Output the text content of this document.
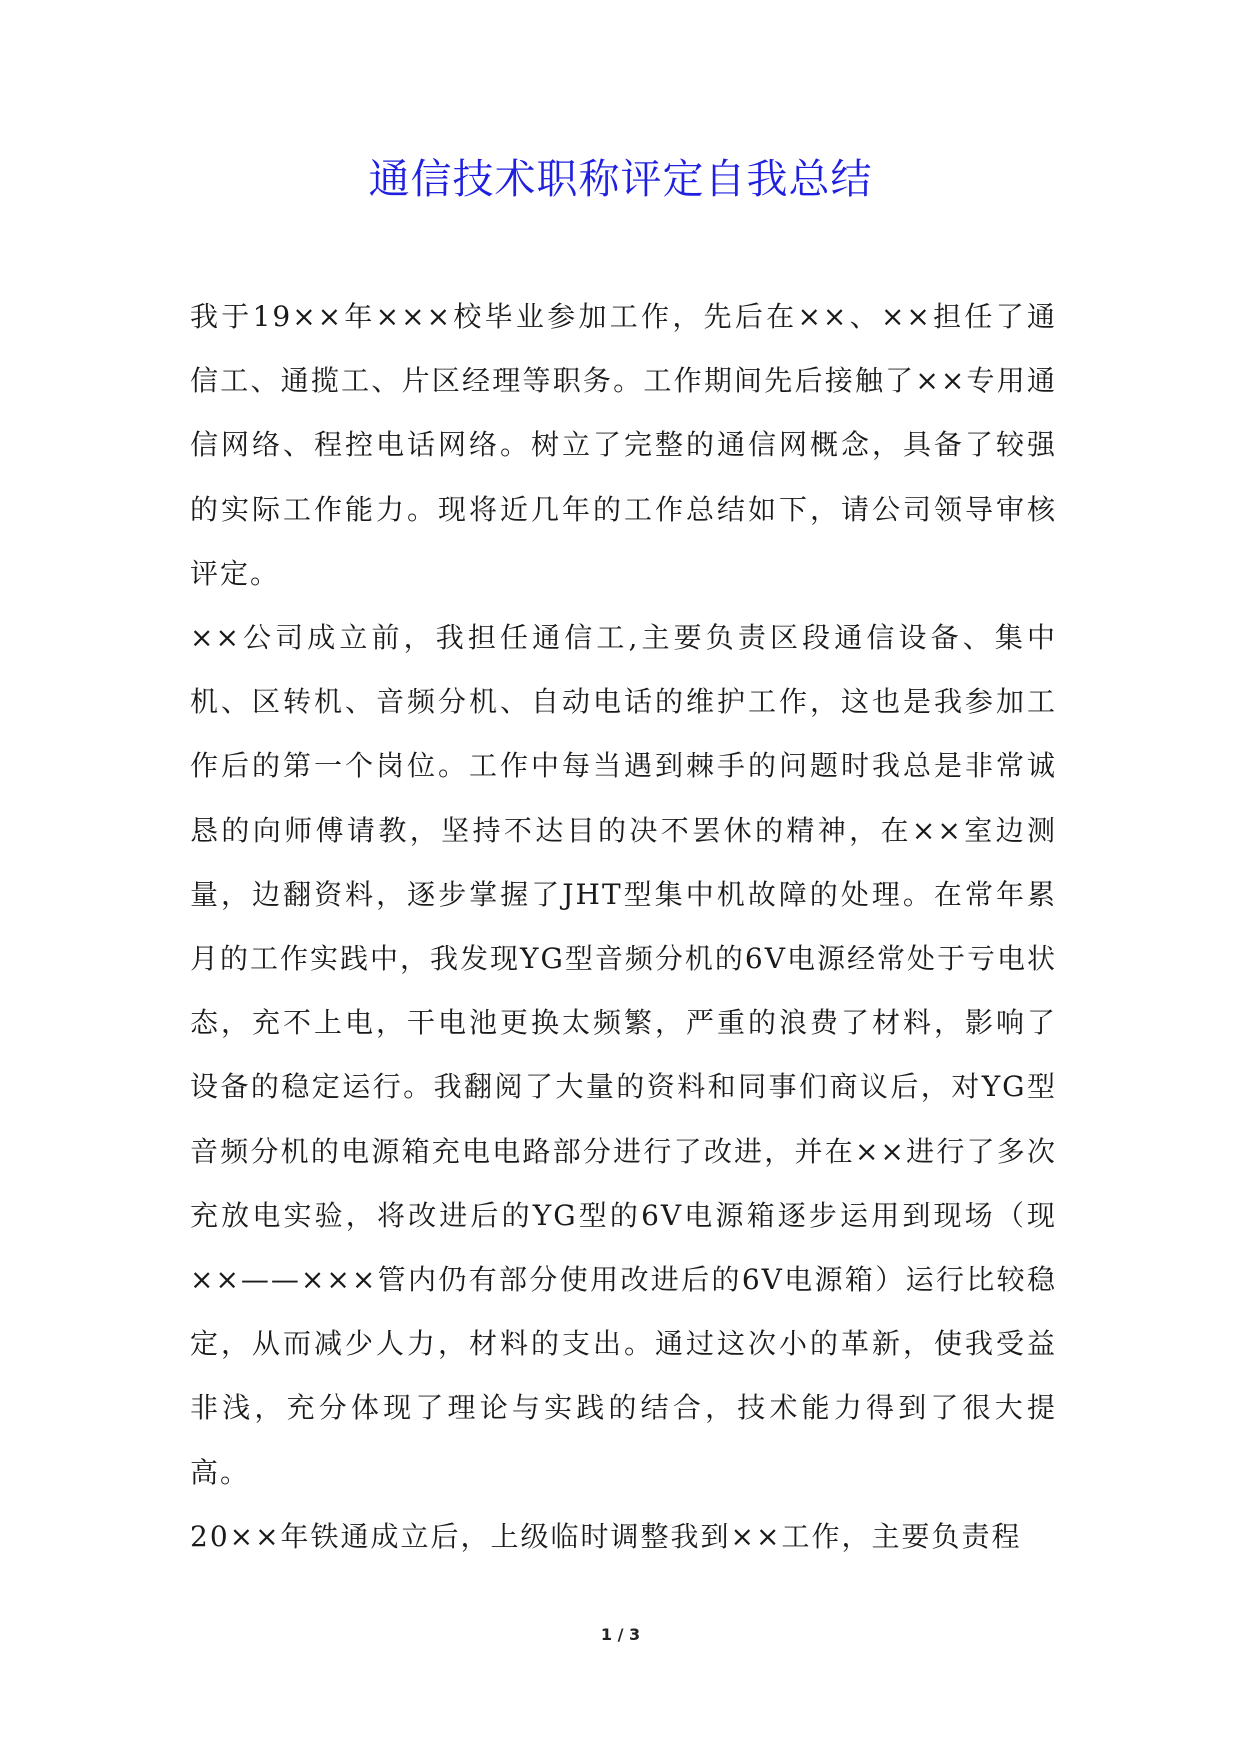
通信技术职称评定自我总结

我于19××年×××校毕业参加工作，先后在××、××担任了通信工、通揽工、片区经理等职务。工作期间先后接触了××专用通信网络、程控电话网络。树立了完整的通信网概念，具备了较强的实际工作能力。现将近几年的工作总结如下，请公司领导审核评定。

××公司成立前，我担任通信工,主要负责区段通信设备、集中机、区转机、音频分机、自动电话的维护工作，这也是我参加工作后的第一个岗位。工作中每当遇到棘手的问题时我总是非常诚恳的向师傅请教，坚持不达目的决不罢休的精神，在××室边测量，边翻资料，逐步掌握了JHT型集中机故障的处理。在常年累月的工作实践中，我发现YG型音频分机的6V电源经常处于亏电状态，充不上电，干电池更换太频繁，严重的浪费了材料，影响了设备的稳定运行。我翻阅了大量的资料和同事们商议后，对YG型音频分机的电源箱充电电路部分进行了改进，并在××进行了多次充放电实验，将改进后的YG型的6V电源箱逐步运用到现场（现××——×××管内仍有部分使用改进后的6V电源箱）运行比较稳定，从而减少人力，材料的支出。通过这次小的革新，使我受益非浅，充分体现了理论与实践的结合，技术能力得到了很大提高。

20××年铁通成立后，上级临时调整我到××工作，主要负责程

1 / 3
